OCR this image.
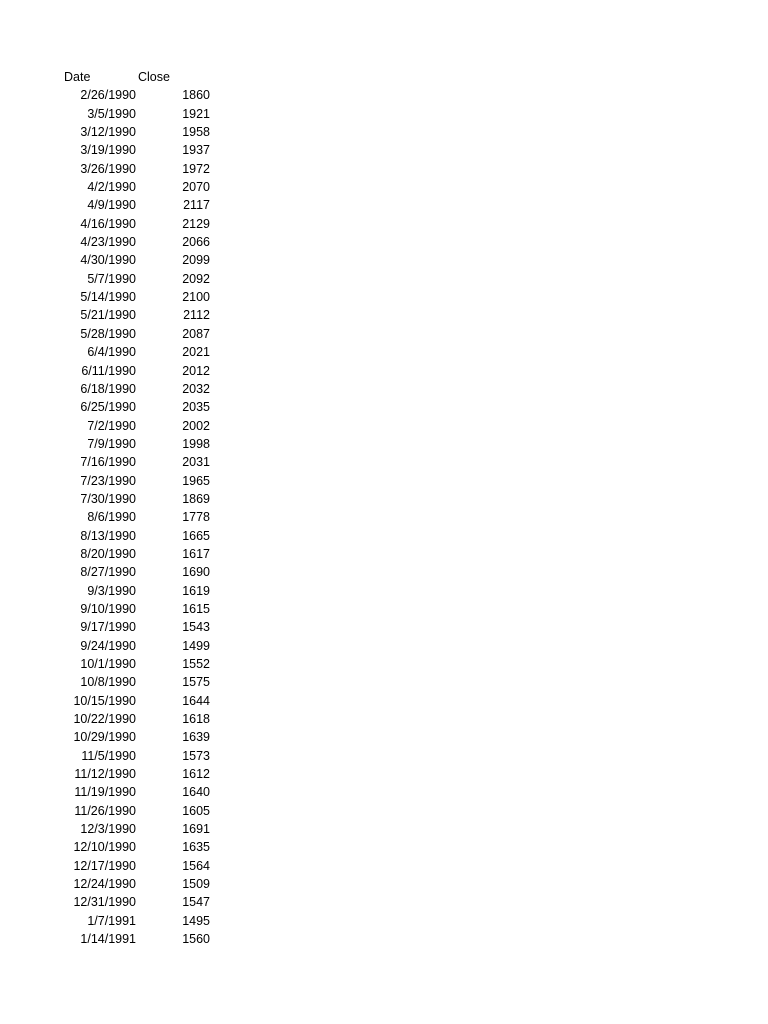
Date	Close
2/26/1990	1860
3/5/1990	1921
3/12/1990	1958
3/19/1990	1937
3/26/1990	1972
4/2/1990	2070
4/9/1990	2117
4/16/1990	2129
4/23/1990	2066
4/30/1990	2099
5/7/1990	2092
5/14/1990	2100
5/21/1990	2112
5/28/1990	2087
6/4/1990	2021
6/11/1990	2012
6/18/1990	2032
6/25/1990	2035
7/2/1990	2002
7/9/1990	1998
7/16/1990	2031
7/23/1990	1965
7/30/1990	1869
8/6/1990	1778
8/13/1990	1665
8/20/1990	1617
8/27/1990	1690
9/3/1990	1619
9/10/1990	1615
9/17/1990	1543
9/24/1990	1499
10/1/1990	1552
10/8/1990	1575
10/15/1990	1644
10/22/1990	1618
10/29/1990	1639
11/5/1990	1573
11/12/1990	1612
11/19/1990	1640
11/26/1990	1605
12/3/1990	1691
12/10/1990	1635
12/17/1990	1564
12/24/1990	1509
12/31/1990	1547
1/7/1991	1495
1/14/1991	1560
